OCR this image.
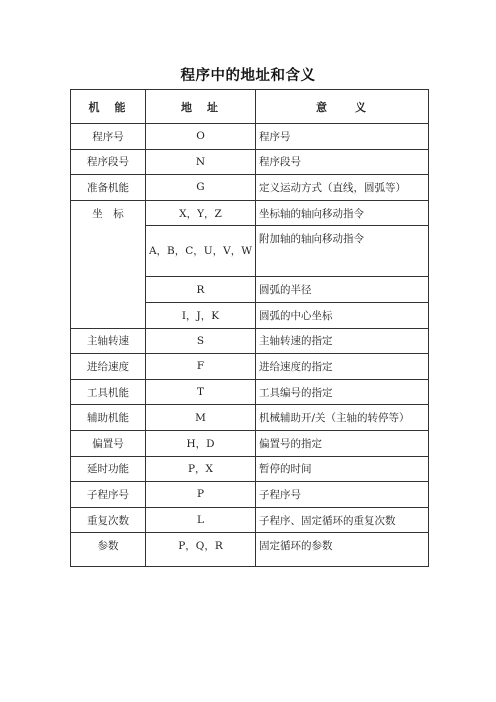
程序中的地址和含义
机　能	地　址	意　　义
程序号	O	程序号
程序段号	N	程序段号
准备机能	G	定义运动方式（直线，圆弧等）
坐　标	X，Y，Z	坐标轴的轴向移动指令
	A，B，C，U，V，W	附加轴的轴向移动指令
	R	圆弧的半径
	I，J，K	圆弧的中心坐标
主轴转速	S	主轴转速的指定
进给速度	F	进给速度的指定
工具机能	T	工具编号的指定
辅助机能	M	机械辅助开/关（主轴的转停等）
偏置号	H，D	偏置号的指定
延时功能	P，X	暂停的时间
子程序号	P	子程序号
重复次数	L	子程序、固定循环的重复次数
参数	P，Q，R	固定循环的参数
